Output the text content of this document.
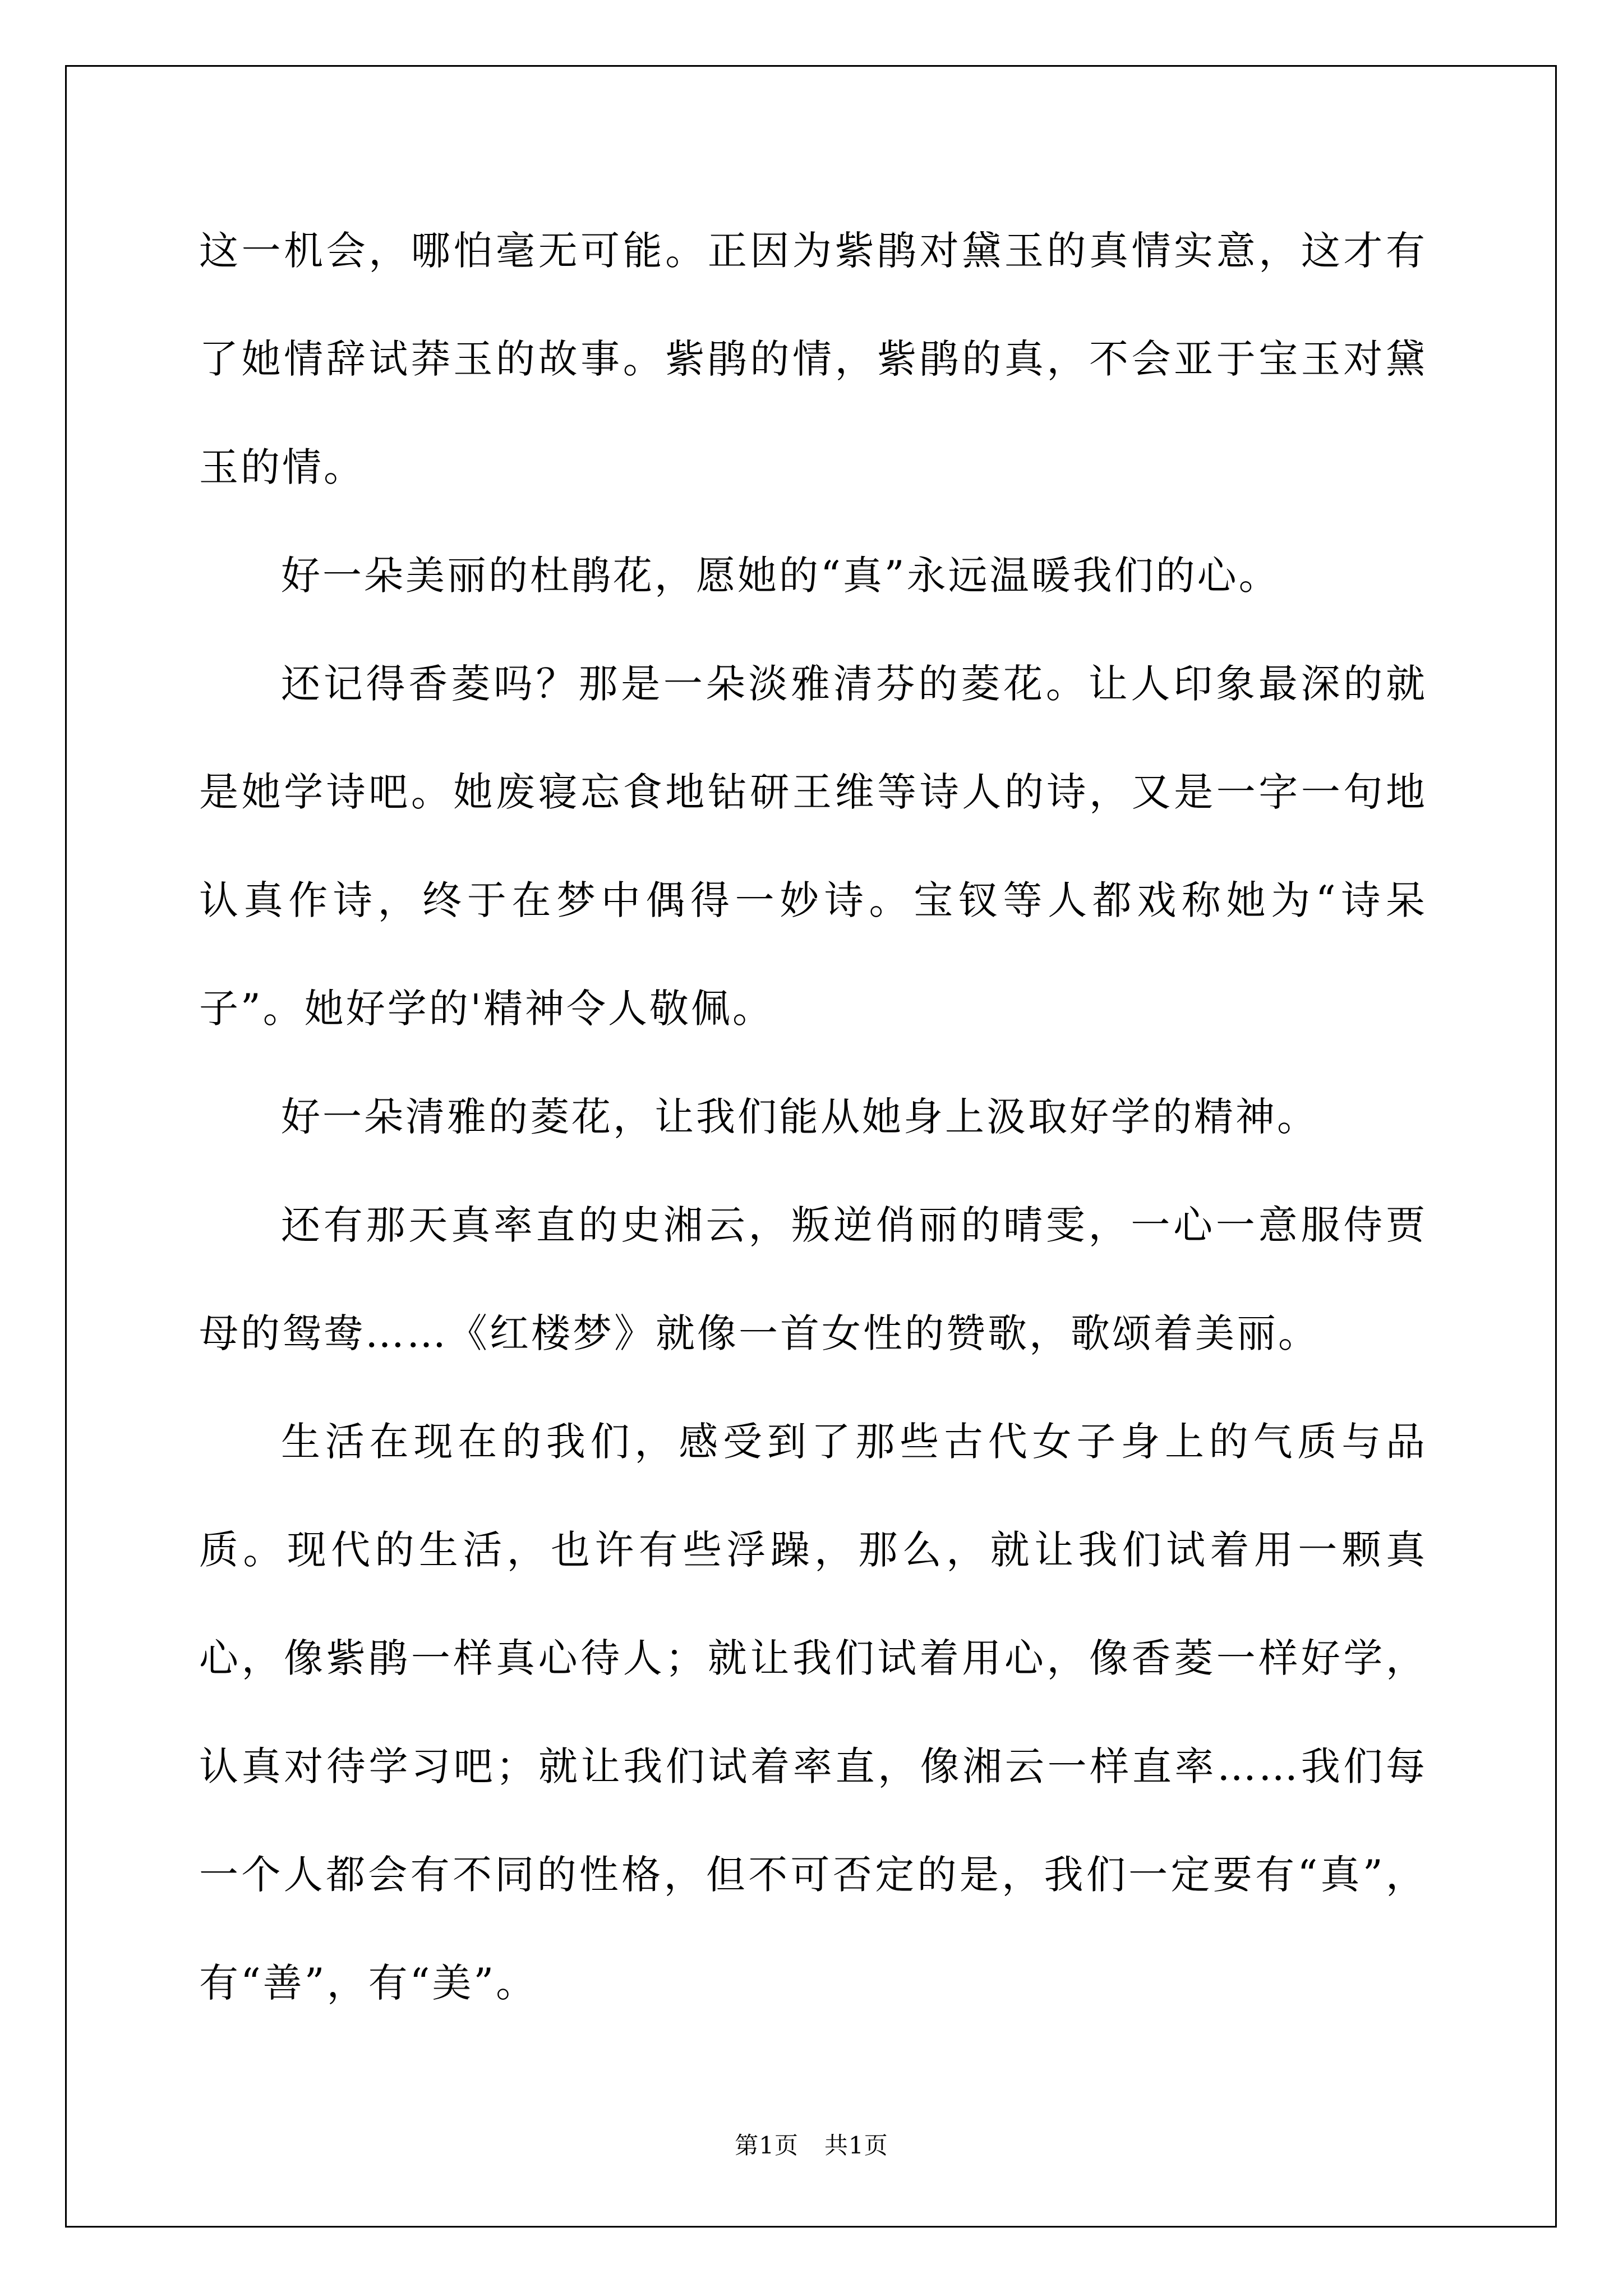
这一机会，哪怕毫无可能。正因为紫鹃对黛玉的真情实意，这才有了她情辞试莽玉的故事。紫鹃的情，紫鹃的真，不会亚于宝玉对黛玉的情。

好一朵美丽的杜鹃花，愿她的“真”永远温暖我们的心。

还记得香菱吗？那是一朵淡雅清芬的菱花。让人印象最深的就是她学诗吧。她废寝忘食地钻研王维等诗人的诗，又是一字一句地认真作诗，终于在梦中偶得一妙诗。宝钗等人都戏称她为“诗呆子”。她好学的'精神令人敬佩。

好一朵清雅的菱花，让我们能从她身上汲取好学的精神。

还有那天真率直的史湘云，叛逆俏丽的晴雯，一心一意服侍贾母的鸳鸯……《红楼梦》就像一首女性的赞歌，歌颂着美丽。

生活在现在的我们，感受到了那些古代女子身上的气质与品质。现代的生活，也许有些浮躁，那么，就让我们试着用一颗真心，像紫鹃一样真心待人；就让我们试着用心，像香菱一样好学，认真对待学习吧；就让我们试着率直，像湘云一样直率……我们每一个人都会有不同的性格，但不可否定的是，我们一定要有“真”，有“善”，有“美”。

第1页 共1页
